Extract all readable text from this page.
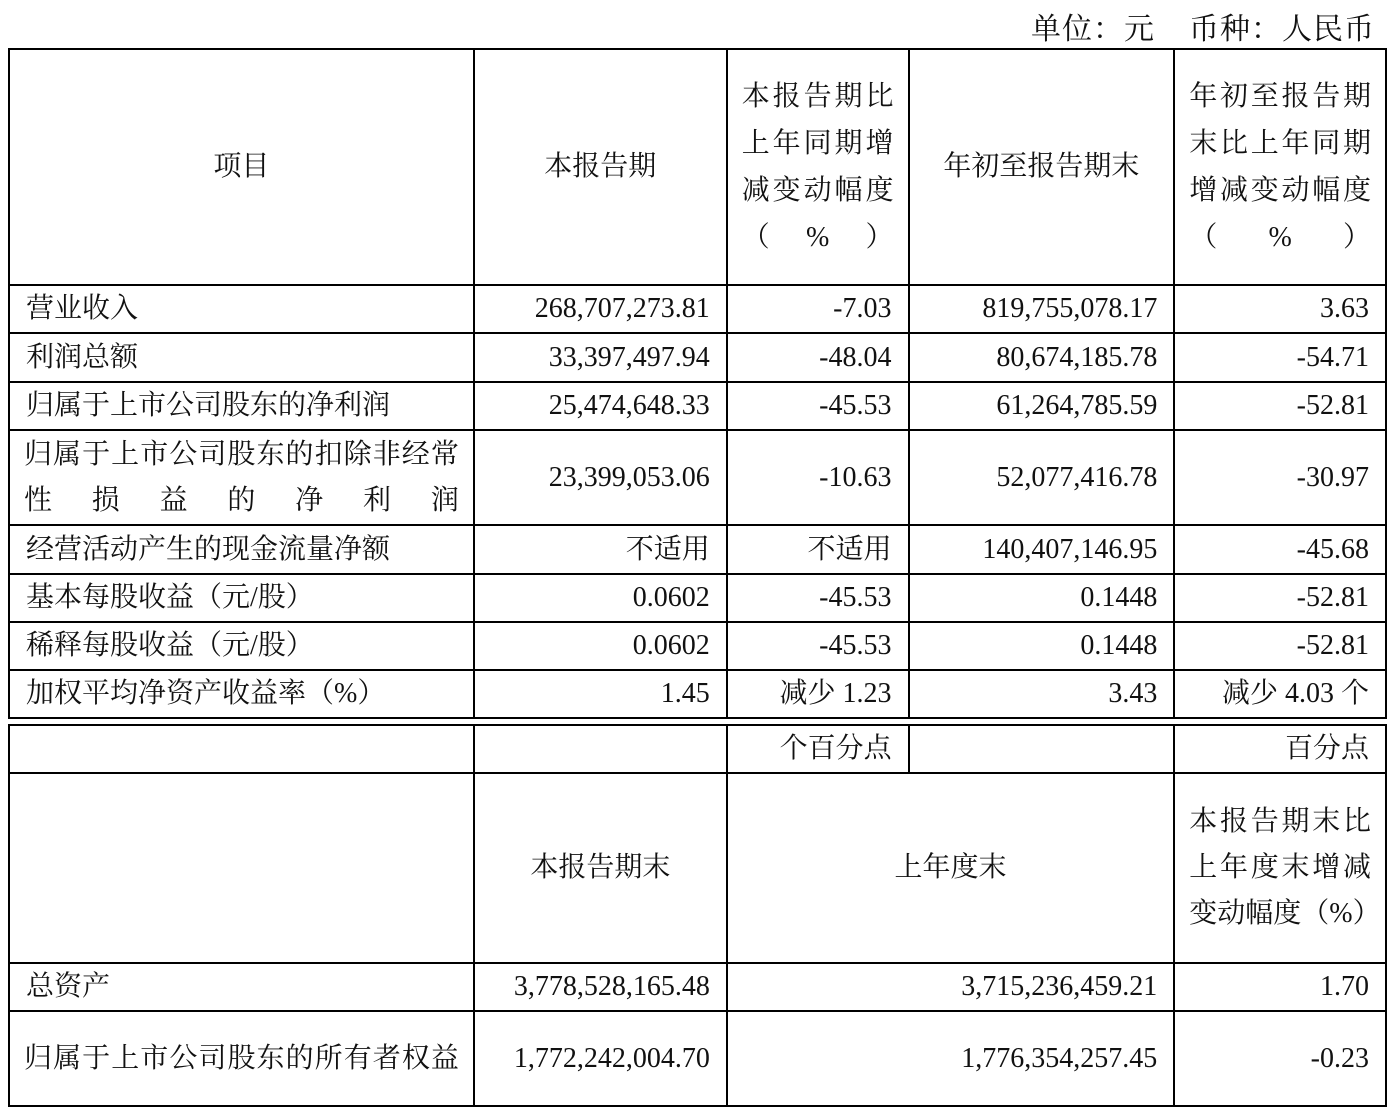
单位：元 币种：人民币
项目	本报告期	本报告期比上年同期增减变动幅度（%）	年初至报告期末	年初至报告期末比上年同期增减变动幅度（%）
营业收入	268,707,273.81	-7.03	819,755,078.17	3.63
利润总额	33,397,497.94	-48.04	80,674,185.78	-54.71
归属于上市公司股东的净利润	25,474,648.33	-45.53	61,264,785.59	-52.81
归属于上市公司股东的扣除非经常性损益的净利润	23,399,053.06	-10.63	52,077,416.78	-30.97
经营活动产生的现金流量净额	不适用	不适用	140,407,146.95	-45.68
基本每股收益（元/股）	0.0602	-45.53	0.1448	-52.81
稀释每股收益（元/股）	0.0602	-45.53	0.1448	-52.81
加权平均净资产收益率（%）	1.45	减少 1.23	3.43	减少 4.03 个
		个百分点		百分点
	本报告期末	上年度末		本报告期末比上年度末增减变动幅度（%）
总资产	3,778,528,165.48	3,715,236,459.21		1.70
归属于上市公司股东的所有者权益	1,772,242,004.70	1,776,354,257.45		-0.23
